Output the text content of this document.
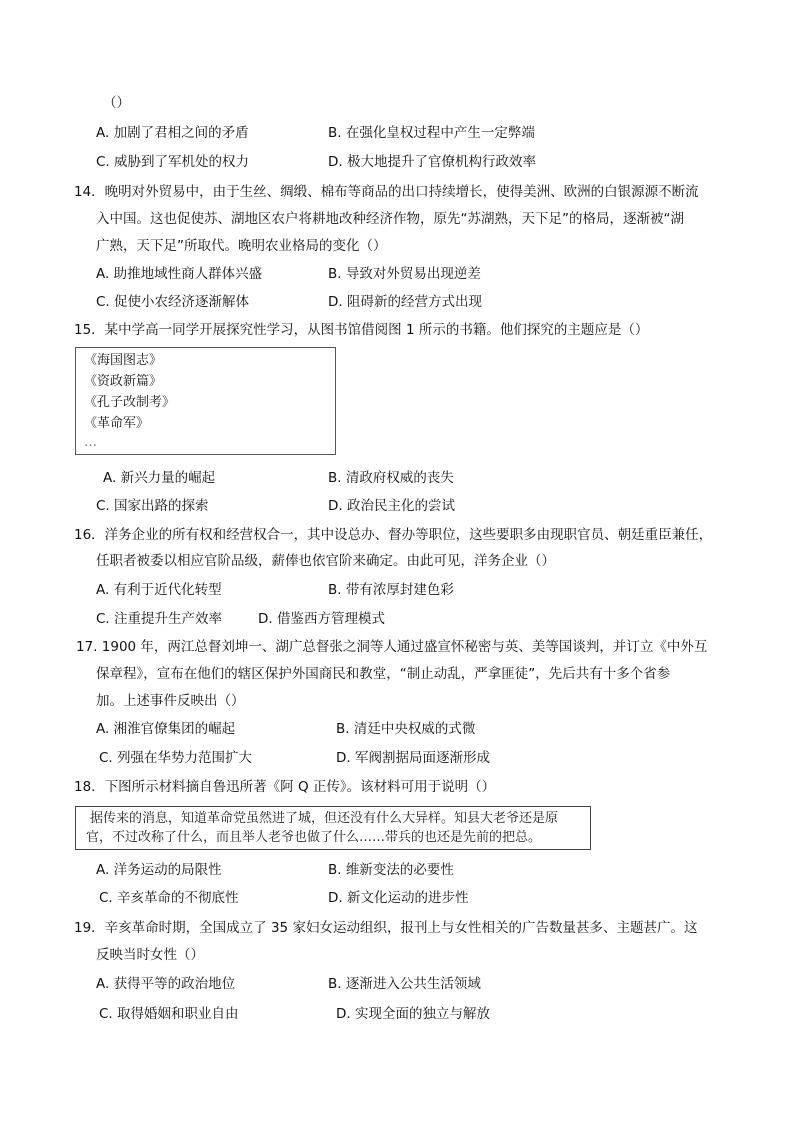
（）
A. 加剧了君相之间的矛盾	B. 在强化皇权过程中产生一定弊端
C. 威胁到了军机处的权力	D. 极大地提升了官僚机构行政效率
14．晚明对外贸易中，由于生丝、绸缎、棉布等商品的出口持续增长，使得美洲、欧洲的白银源源不断流
入中国。这也促使苏、湖地区农户将耕地改种经济作物，原先“苏湖熟，天下足”的格局，逐渐被“湖
广熟，天下足”所取代。晚明农业格局的变化（）
A. 助推地域性商人群体兴盛	B. 导致对外贸易出现逆差
C. 促使小农经济逐渐解体	D. 阻碍新的经营方式出现
15．某中学高一同学开展探究性学习，从图书馆借阅图 1 所示的书籍。他们探究的主题应是（）
《海国图志》
《资政新篇》
《孔子改制考》
《革命军》
…
A. 新兴力量的崛起	B. 清政府权威的丧失
C. 国家出路的探索	D. 政治民主化的尝试
16．洋务企业的所有权和经营权合一，其中设总办、督办等职位，这些要职多由现职官员、朝廷重臣兼任，
任职者被委以相应官阶品级，薪俸也依官阶来确定。由此可见，洋务企业（）
A. 有利于近代化转型	B. 带有浓厚封建色彩
C. 注重提升生产效率	D. 借鉴西方管理模式
17. 1900 年，两江总督刘坤一、湖广总督张之洞等人通过盛宣怀秘密与英、美等国谈判，并订立《中外互
保章程》，宣布在他们的辖区保护外国商民和教堂，“制止动乱，严拿匪徒”，先后共有十多个省参
加。上述事件反映出（）
A. 湘淮官僚集团的崛起	B. 清廷中央权威的式微
C. 列强在华势力范围扩大	D. 军阀割据局面逐渐形成
18．下图所示材料摘自鲁迅所著《阿 Q 正传》。该材料可用于说明（）
据传来的消息，知道革命党虽然进了城，但还没有什么大异样。知县大老爷还是原
官，不过改称了什么，而且举人老爷也做了什么……带兵的也还是先前的把总。
A. 洋务运动的局限性	B. 维新变法的必要性
C. 辛亥革命的不彻底性	D. 新文化运动的进步性
19．辛亥革命时期，全国成立了 35 家妇女运动组织，报刊上与女性相关的广告数量甚多、主题甚广。这
反映当时女性（）
A. 获得平等的政治地位	B. 逐渐进入公共生活领域
C. 取得婚姻和职业自由	D. 实现全面的独立与解放
